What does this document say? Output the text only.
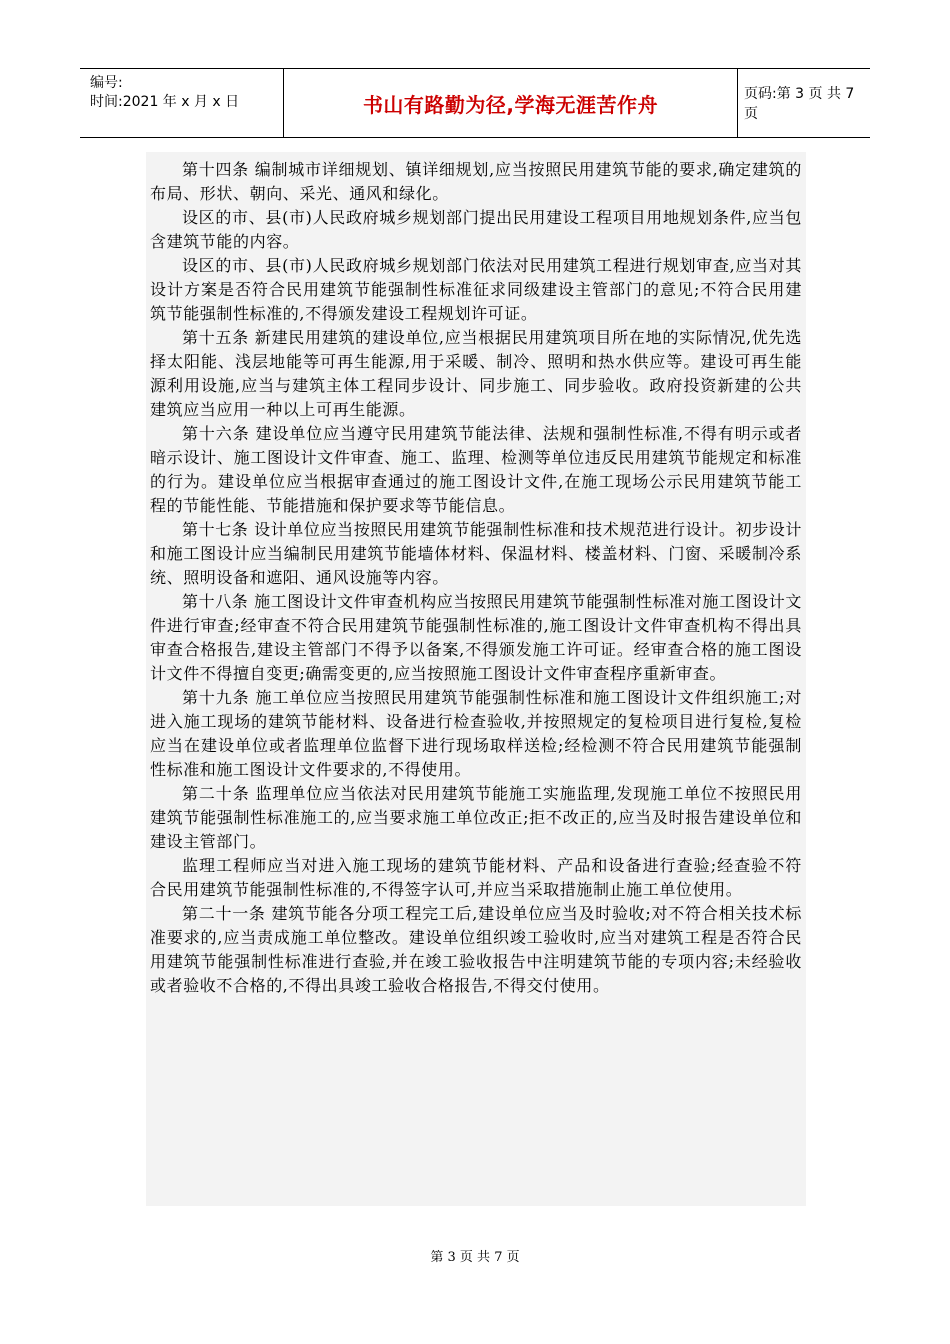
编号:
时间:2021 年 x 月 x 日	书山有路勤为径,学海无涯苦作舟	页码:第 3 页 共 7 页

第十四条 编制城市详细规划、镇详细规划,应当按照民用建筑节能的要求,确定建筑的布局、形状、朝向、采光、通风和绿化。

设区的市、县(市)人民政府城乡规划部门提出民用建设工程项目用地规划条件,应当包含建筑节能的内容。

设区的市、县(市)人民政府城乡规划部门依法对民用建筑工程进行规划审查,应当对其设计方案是否符合民用建筑节能强制性标准征求同级建设主管部门的意见;不符合民用建筑节能强制性标准的,不得颁发建设工程规划许可证。

第十五条 新建民用建筑的建设单位,应当根据民用建筑项目所在地的实际情况,优先选择太阳能、浅层地能等可再生能源,用于采暖、制冷、照明和热水供应等。建设可再生能源利用设施,应当与建筑主体工程同步设计、同步施工、同步验收。政府投资新建的公共建筑应当应用一种以上可再生能源。

第十六条 建设单位应当遵守民用建筑节能法律、法规和强制性标准,不得有明示或者暗示设计、施工图设计文件审查、施工、监理、检测等单位违反民用建筑节能规定和标准的行为。建设单位应当根据审查通过的施工图设计文件,在施工现场公示民用建筑节能工程的节能性能、节能措施和保护要求等节能信息。

第十七条 设计单位应当按照民用建筑节能强制性标准和技术规范进行设计。初步设计和施工图设计应当编制民用建筑节能墙体材料、保温材料、楼盖材料、门窗、采暖制冷系统、照明设备和遮阳、通风设施等内容。

第十八条 施工图设计文件审查机构应当按照民用建筑节能强制性标准对施工图设计文件进行审查;经审查不符合民用建筑节能强制性标准的,施工图设计文件审查机构不得出具审查合格报告,建设主管部门不得予以备案,不得颁发施工许可证。经审查合格的施工图设计文件不得擅自变更;确需变更的,应当按照施工图设计文件审查程序重新审查。

第十九条 施工单位应当按照民用建筑节能强制性标准和施工图设计文件组织施工;对进入施工现场的建筑节能材料、设备进行检查验收,并按照规定的复检项目进行复检,复检应当在建设单位或者监理单位监督下进行现场取样送检;经检测不符合民用建筑节能强制性标准和施工图设计文件要求的,不得使用。

第二十条 监理单位应当依法对民用建筑节能施工实施监理,发现施工单位不按照民用建筑节能强制性标准施工的,应当要求施工单位改正;拒不改正的,应当及时报告建设单位和建设主管部门。

监理工程师应当对进入施工现场的建筑节能材料、产品和设备进行查验;经查验不符合民用建筑节能强制性标准的,不得签字认可,并应当采取措施制止施工单位使用。

第二十一条 建筑节能各分项工程完工后,建设单位应当及时验收;对不符合相关技术标准要求的,应当责成施工单位整改。建设单位组织竣工验收时,应当对建筑工程是否符合民用建筑节能强制性标准进行查验,并在竣工验收报告中注明建筑节能的专项内容;未经验收或者验收不合格的,不得出具竣工验收合格报告,不得交付使用。

第 3 页 共 7 页
